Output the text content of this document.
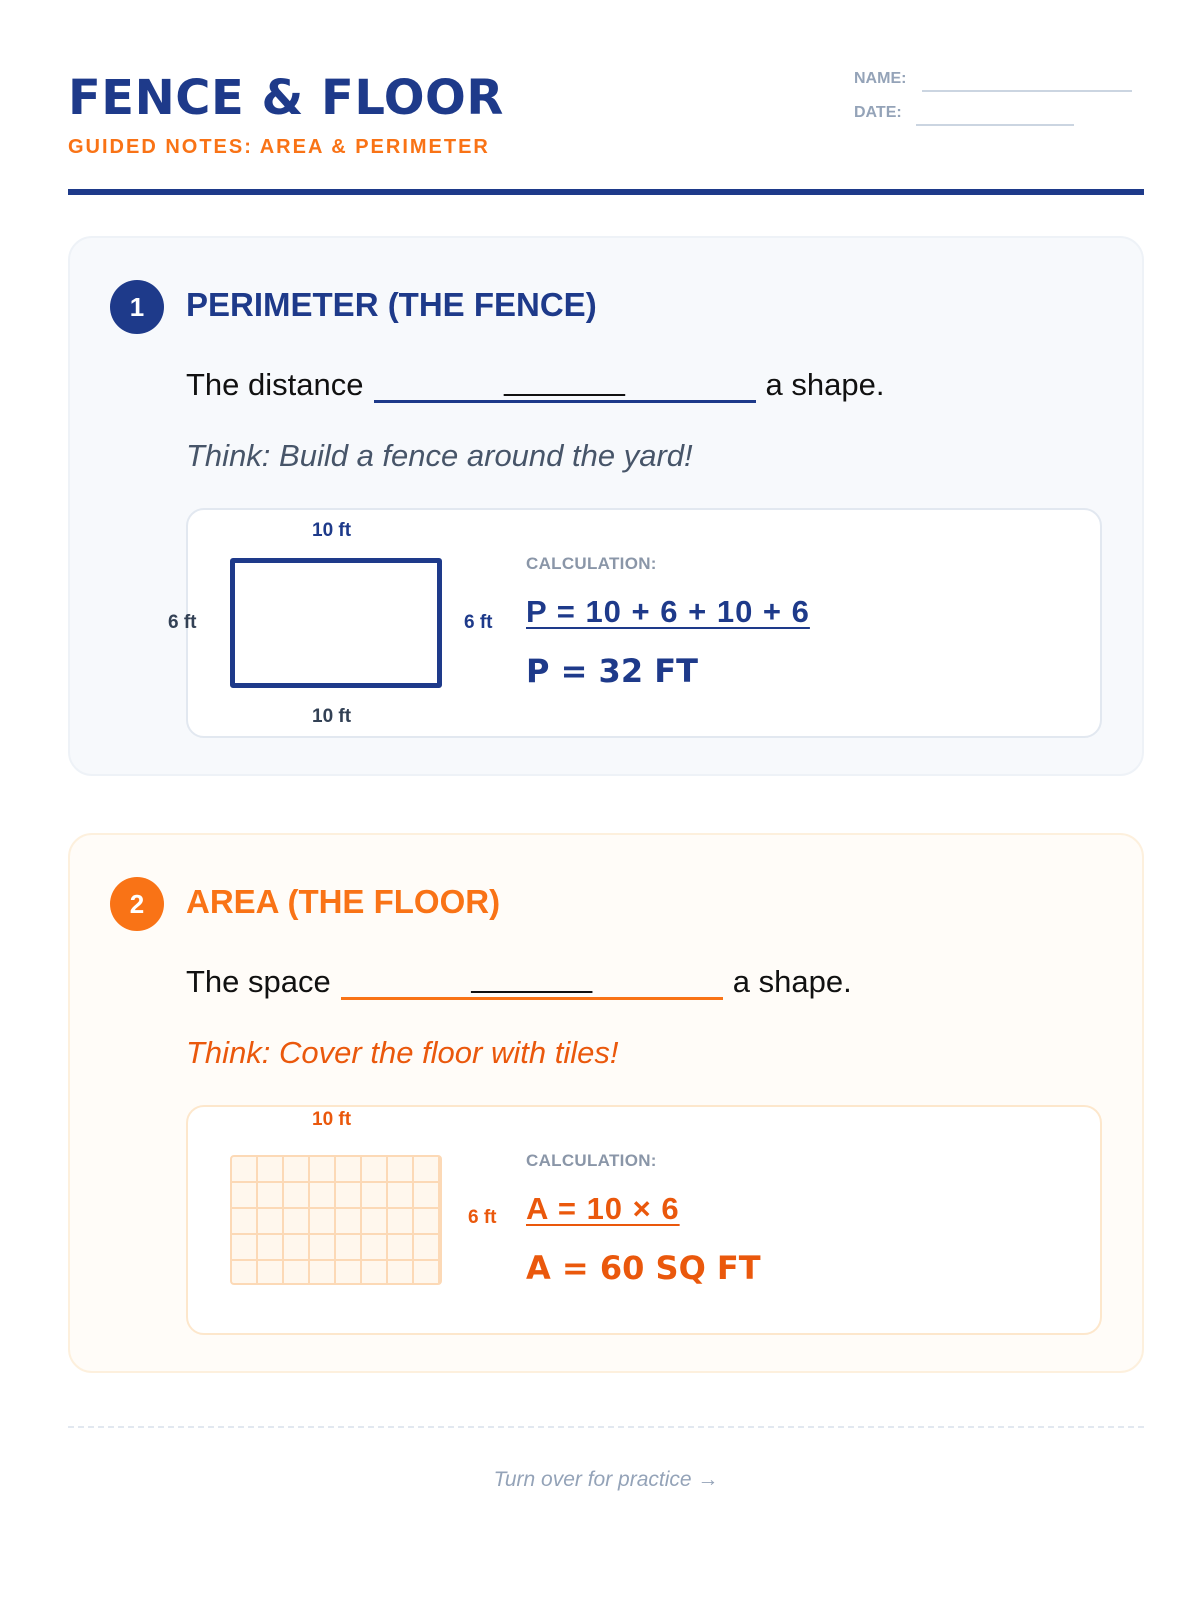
FENCE & FLOOR
GUIDED NOTES: AREA & PERIMETER
NAME:
DATE:
1	PERIMETER (THE FENCE)
The distance	_______	a shape.
Think: Build a fence around the yard!
10 ft
6 ft	6 ft
10 ft
CALCULATION:
P = 10 + 6 + 10 + 6
P = 32 FT
2	AREA (THE FLOOR)
The space	_______	a shape.
Think: Cover the floor with tiles!
10 ft
6 ft
CALCULATION:
A = 10 × 6
A = 60 SQ FT
Turn over for practice →
